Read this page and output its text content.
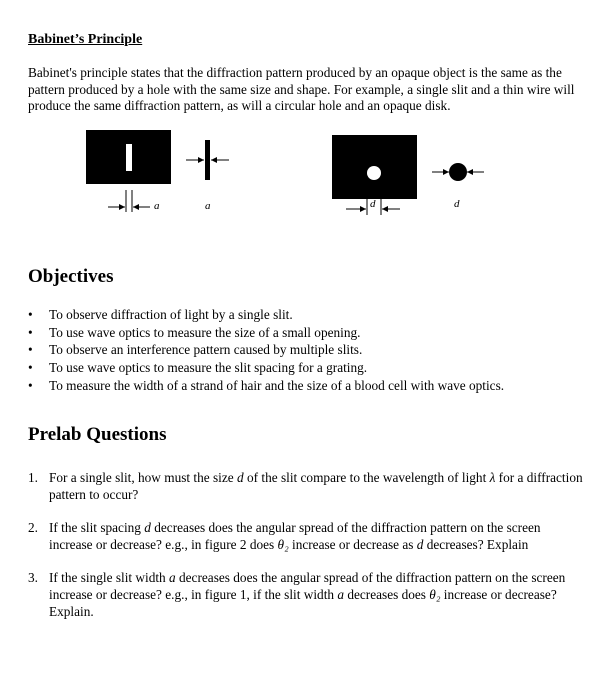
Babinet’s Principle

Babinet's principle states that the diffraction pattern produced by an opaque object is the same as the pattern produced by a hole with the same size and shape. For example, a single slit and a thin wire will produce the same diffraction pattern, as will a circular hole and an opaque disk.

a	a	d	d
Objectives
• To observe diffraction of light by a single slit.
• To use wave optics to measure the size of a small opening.
• To observe an interference pattern caused by multiple slits.
• To use wave optics to measure the slit spacing for a grating.
• To measure the width of a strand of hair and the size of a blood cell with wave optics.
Prelab Questions
1. For a single slit, how must the size d of the slit compare to the wavelength of light λ for a diffraction pattern to occur?
2. If the slit spacing d decreases does the angular spread of the diffraction pattern on the screen increase or decrease? e.g., in figure 2 does θ₂ increase or decrease as d decreases? Explain
3. If the single slit width a decreases does the angular spread of the diffraction pattern on the screen increase or decrease? e.g., in figure 1, if the slit width a decreases does θ₂ increase or decrease? Explain.
